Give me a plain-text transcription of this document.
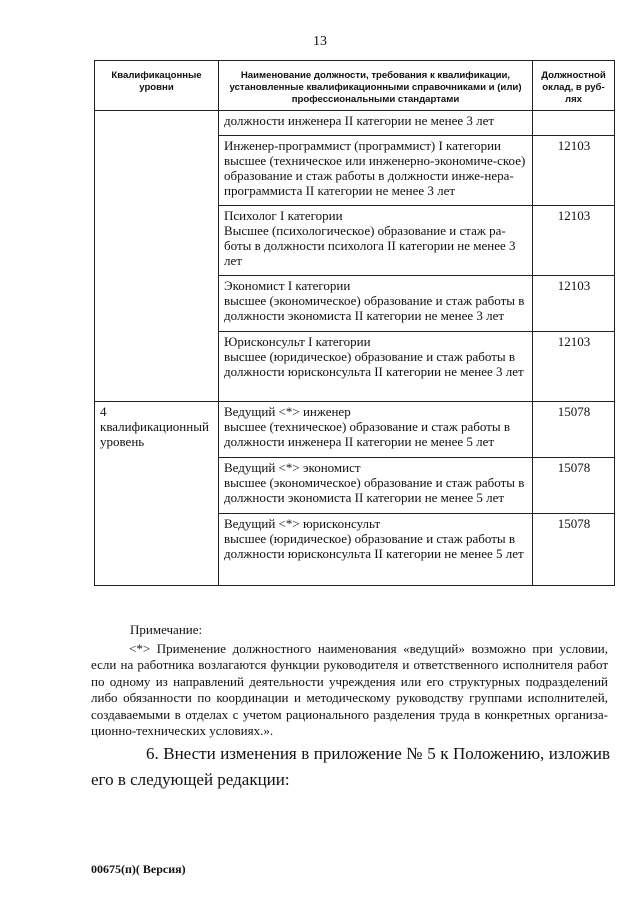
13
Квалификацонные уровни	Наименование должности, требования к квалификации, установленные квалификационными справочниками и (или) профессиональными стандартами	Должностной оклад, в руб-лях
	должности инженера II категории не менее 3 лет	

	Инженер-программист (программист) I категории
высшее (техническое или инженерно-экономиче-ское) образование и стаж работы в должности инже-нера-программиста II категории не менее 3 лет	12103

	Психолог I категории
Высшее (психологическое) образование и стаж ра-боты в должности психолога II категории не менее 3 лет	12103

	Экономист I категории
высшее (экономическое) образование и стаж работы в должности экономиста II категории не менее 3 лет	12103

	Юрисконсульт I категории
высшее (юридическое) образование и стаж работы в должности юрисконсульта II категории не менее 3 лет	12103
4 квалификационный уровень	Ведущий <*> инженер
высшее (техническое) образование и стаж работы в должности инженера II категории не менее 5 лет	15078

	Ведущий <*> экономист
высшее (экономическое) образование и стаж работы в должности экономиста II категории не менее 5 лет	15078

	Ведущий <*> юрисконсульт
высшее (юридическое) образование и стаж работы в должности юрисконсульта II категории не менее 5 лет	15078
Примечание:
<*> Применение должностного наименования «ведущий» возможно при условии, если на работника возлагаются функции руководителя и ответственного исполнителя работ по одному из направлений деятельности учреждения или его структурных подразделений либо обязанности по координации и методическому руководству группами исполнителей, создаваемыми в отделах с учетом рационального разделения труда в конкретных организа-ционно-технических условиях.».
6. Внести изменения в приложение № 5 к Положению, изложив его в следующей редакции:
00675(п)( Версия)
